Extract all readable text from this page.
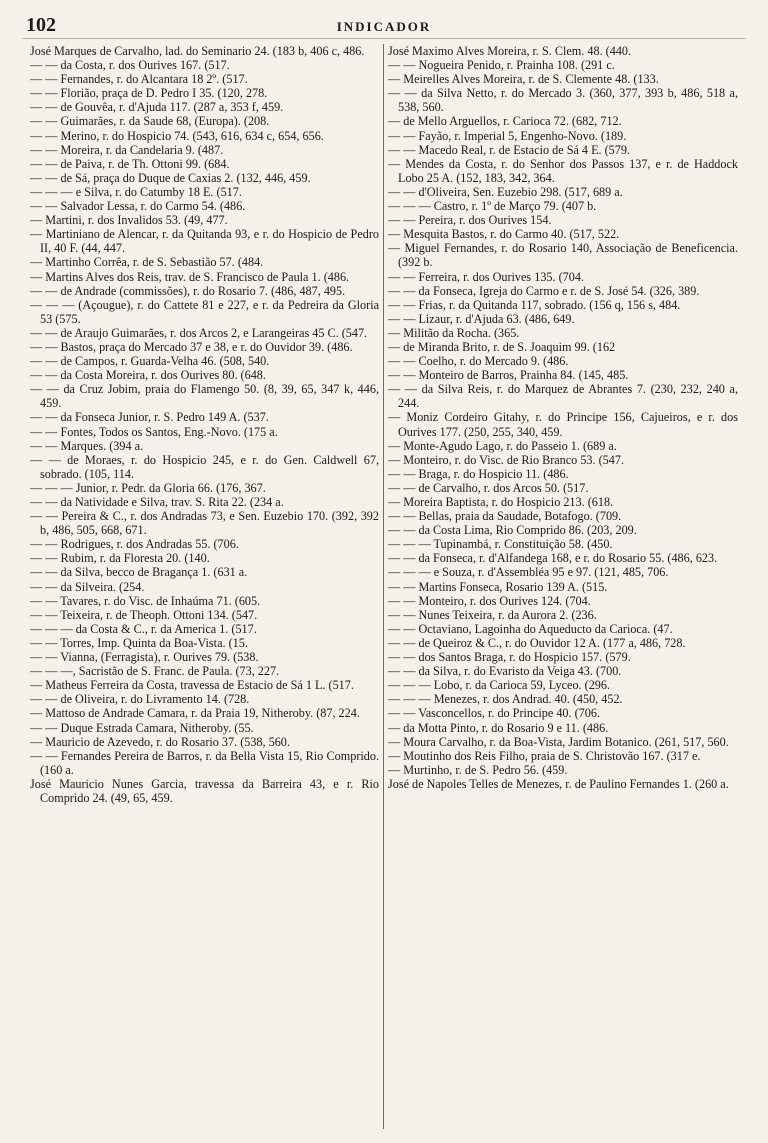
102	INDICADOR

José Marques de Carvalho, lad. do Seminario 24. (183 b, 406 c, 486.

— — da Costa, r. dos Ourives 167. (517.

— — Fernandes, r. do Alcantara 18 2º. (517.

— — Florião, praça de D. Pedro I 35. (120, 278.

— — de Gouvêa, r. d'Ajuda 117. (287 a, 353 f, 459.

— — Guimarães, r. da Saude 68, (Europa). (208.

— — Merino, r. do Hospicio 74. (543, 616, 634 c, 654, 656.

— — Moreira, r. da Candelaria 9. (487.

— — de Paiva, r. de Th. Ottoni 99. (684.

— — de Sá, praça do Duque de Caxias 2. (132, 446, 459.

— — — e Silva, r. do Catumby 18 E. (517.

— — Salvador Lessa, r. do Carmo 54. (486.

— Martini, r. dos Invalidos 53. (49, 477.

— Martiniano de Alencar, r. da Quitanda 93, e r. do Hospicio de Pedro II, 40 F. (44, 447.

— Martinho Corrêa, r. de S. Sebastião 57. (484.

— Martins Alves dos Reis, trav. de S. Francisco de Paula 1. (486.

— — de Andrade (commissões), r. do Rosario 7. (486, 487, 495.

— — — (Açougue), r. do Cattete 81 e 227, e r. da Pedreira da Gloria 53 (575.

— — de Araujo Guimarães, r. dos Arcos 2, e Larangeiras 45 C. (547.

— — Bastos, praça do Mercado 37 e 38, e r. do Ouvidor 39. (486.

— — de Campos, r. Guarda-Velha 46. (508, 540.

— — da Costa Moreira, r. dos Ourives 80. (648.

— — da Cruz Jobim, praia do Flamengo 50. (8, 39, 65, 347 k, 446, 459.

— — da Fonseca Junior, r. S. Pedro 149 A. (537.

— — Fontes, Todos os Santos, Eng.-Novo. (175 a.

— — Marques. (394 a.

— — de Moraes, r. do Hospicio 245, e r. do Gen. Caldwell 67, sobrado. (105, 114.

— — — Junior, r. Pedr. da Gloria 66. (176, 367.

— — da Natividade e Silva, trav. S. Rita 22. (234 a.

— — Pereira & C., r. dos Andradas 73, e Sen. Euzebio 170. (392, 392 b, 486, 505, 668, 671.

— — Rodrigues, r. dos Andradas 55. (706.

— — Rubim, r. da Floresta 20. (140.

— — da Silva, becco de Bragança 1. (631 a.

— — da Silveira. (254.

— — Tavares, r. do Visc. de Inhaúma 71. (605.

— — Teixeira, r. de Theoph. Ottoni 134. (547.

— — — da Costa & C., r. da America 1. (517.

— — Torres, Imp. Quinta da Boa-Vista. (15.

— — Vianna, (Ferragista), r. Ourives 79. (538.

— — —, Sacristão de S. Franc. de Paula. (73, 227.

— Matheus Ferreira da Costa, travessa de Estacio de Sá 1 L. (517.

— — de Oliveira, r. do Livramento 14. (728.

— Mattoso de Andrade Camara, r. da Praia 19, Nitheroby. (87, 224.

— — Duque Estrada Camara, Nitheroby. (55.

— Mauricio de Azevedo, r. do Rosario 37. (538, 560.

— — Fernandes Pereira de Barros, r. da Bella Vista 15, Rio Comprido. (160 a.

José Mauricio Nunes Garcia, travessa da Barreira 43, e r. Rio Comprido 24. (49, 65, 459.

José Maximo Alves Moreira, r. S. Clem. 48. (440.

— — Nogueira Penido, r. Prainha 108. (291 c.

— Meirelles Alves Moreira, r. de S. Clemente 48. (133.

— — da Silva Netto, r. do Mercado 3. (360, 377, 393 b, 486, 518 a, 538, 560.

— de Mello Arguellos, r. Carioca 72. (682, 712.

— — Fayão, r. Imperial 5, Engenho-Novo. (189.

— — Macedo Real, r. de Estacio de Sá 4 E. (579.

— Mendes da Costa, r. do Senhor dos Passos 137, e r. de Haddock Lobo 25 A. (152, 183, 342, 364.

— — d'Oliveira, Sen. Euzebio 298. (517, 689 a.

— — — Castro, r. 1º de Março 79. (407 b.

— — Pereira, r. dos Ourives 154.

— Mesquita Bastos, r. do Carmo 40. (517, 522.

— Miguel Fernandes, r. do Rosario 140, Associação de Beneficencia. (392 b.

— — Ferreira, r. dos Ourives 135. (704.

— — da Fonseca, Igreja do Carmo e r. de S. José 54. (326, 389.

— — Frias, r. da Quitanda 117, sobrado. (156 q, 156 s, 484.

— — Lizaur, r. d'Ajuda 63. (486, 649.

— Militão da Rocha. (365.

— de Miranda Brito, r. de S. Joaquim 99. (162

— — Coelho, r. do Mercado 9. (486.

— — Monteiro de Barros, Prainha 84. (145, 485.

— — da Silva Reis, r. do Marquez de Abrantes 7. (230, 232, 240 a, 244.

— Moniz Cordeiro Gitahy, r. do Principe 156, Cajueiros, e r. dos Ourives 177. (250, 255, 340, 459.

— Monte-Agudo Lago, r. do Passeio 1. (689 a.

— Monteiro, r. do Visc. de Rio Branco 53. (547.

— — Braga, r. do Hospicio 11. (486.

— — de Carvalho, r. dos Arcos 50. (517.

— Moreira Baptista, r. do Hospicio 213. (618.

— — Bellas, praia da Saudade, Botafogo. (709.

— — da Costa Lima, Rio Comprido 86. (203, 209.

— — — Tupinambá, r. Constituição 58. (450.

— — da Fonseca, r. d'Alfandega 168, e r. do Rosario 55. (486, 623.

— — — e Souza, r. d'Assembléa 95 e 97. (121, 485, 706.

— — Martins Fonseca, Rosario 139 A. (515.

— — Monteiro, r. dos Ourives 124. (704.

— — Nunes Teixeira, r. da Aurora 2. (236.

— — Octaviano, Lagoinha do Aqueducto da Carioca. (47.

— — de Queiroz & C., r. do Ouvidor 12 A. (177 a, 486, 728.

— — dos Santos Braga, r. do Hospicio 157. (579.

— — da Silva, r. do Evaristo da Veiga 43. (700.

— — — Lobo, r. da Carioca 59, Lyceo. (296.

— — — Menezes, r. dos Andrad. 40. (450, 452.

— — Vasconcellos, r. do Principe 40. (706.

— da Motta Pinto, r. do Rosario 9 e 11. (486.

— Moura Carvalho, r. da Boa-Vista, Jardim Botanico. (261, 517, 560.

— Moutinho dos Reis Filho, praia de S. Christovão 167. (317 e.

— Murtinho, r. de S. Pedro 56. (459.

José de Napoles Telles de Menezes, r. de Paulino Fernandes 1. (260 a.
